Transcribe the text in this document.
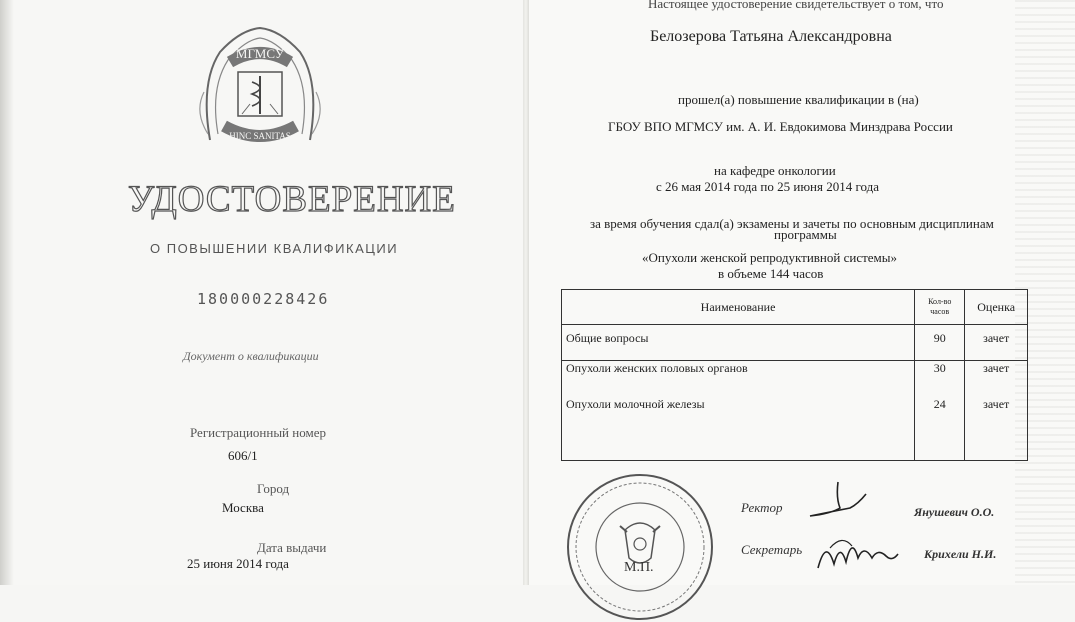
МГМСУ
HINC SANITAS
УДОСТОВЕРЕНИЕ
О ПОВЫШЕНИИ КВАЛИФИКАЦИИ
180000228426
Документ о квалификации
Регистрационный номер
606/1
Город
Москва
Дата выдачи
25 июня 2014 года
Настоящее удостоверение свидетельствует о том, что
Белозерова Татьяна Александровна
прошел(а) повышение квалификации в (на)
ГБОУ ВПО МГМСУ им. А. И. Евдокимова Минздрава России
на кафедре онкологии
с 26 мая 2014 года по 25 июня 2014 года
за время обучения сдал(а) экзамены и зачеты по основным дисциплинам
программы
«Опухоли женской репродуктивной системы»
в объеме 144 часов
Наименование	Кол-во часов	Оценка
Общие вопросы	90	зачет
Опухоли женских половых органов	30	зачет
Опухоли молочной железы	24	зачет
М.П.
Ректор	Янушевич О.О.
Секретарь	Крихели Н.И.
